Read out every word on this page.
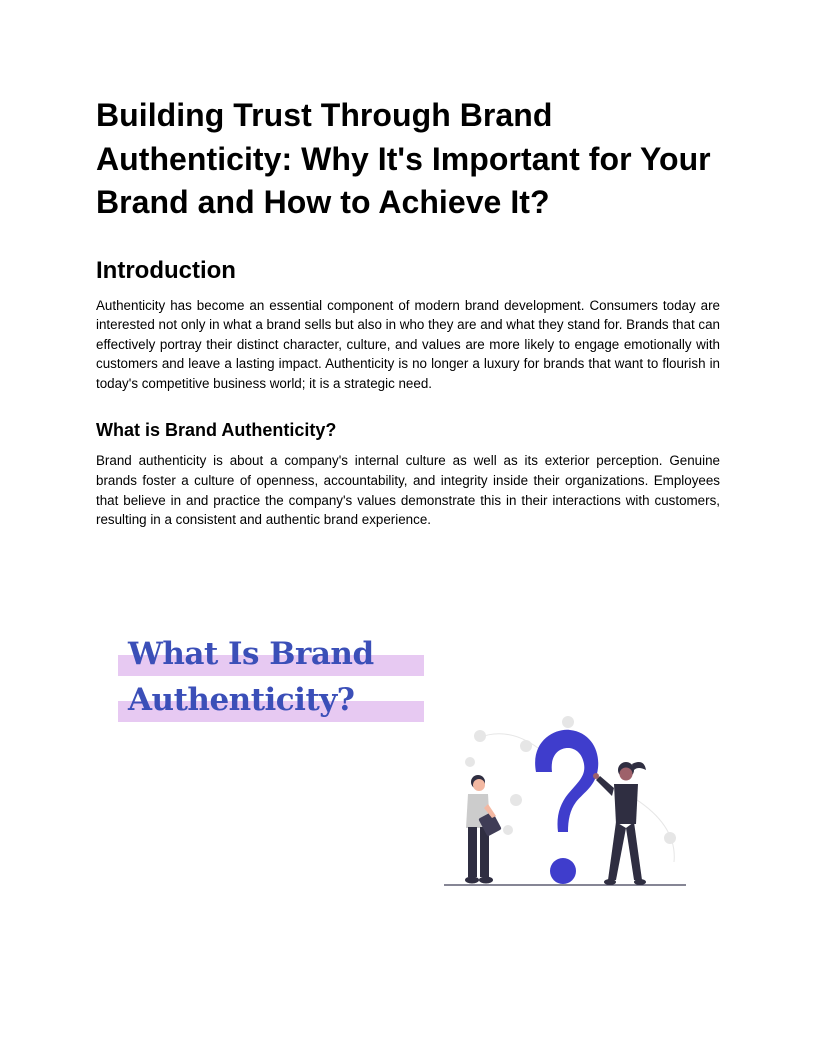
Building Trust Through Brand Authenticity: Why It's Important for Your Brand and How to Achieve It?
Introduction

Authenticity has become an essential component of modern brand development. Consumers today are interested not only in what a brand sells but also in who they are and what they stand for. Brands that can effectively portray their distinct character, culture, and values are more likely to engage emotionally with customers and leave a lasting impact. Authenticity is no longer a luxury for brands that want to flourish in today's competitive business world; it is a strategic need.

What is Brand Authenticity?

Brand authenticity is about a company's internal culture as well as its exterior perception. Genuine brands foster a culture of openness, accountability, and integrity inside their organizations. Employees that believe in and practice the company's values demonstrate this in their interactions with customers, resulting in a consistent and authentic brand experience.

What Is Brand
Authenticity?
